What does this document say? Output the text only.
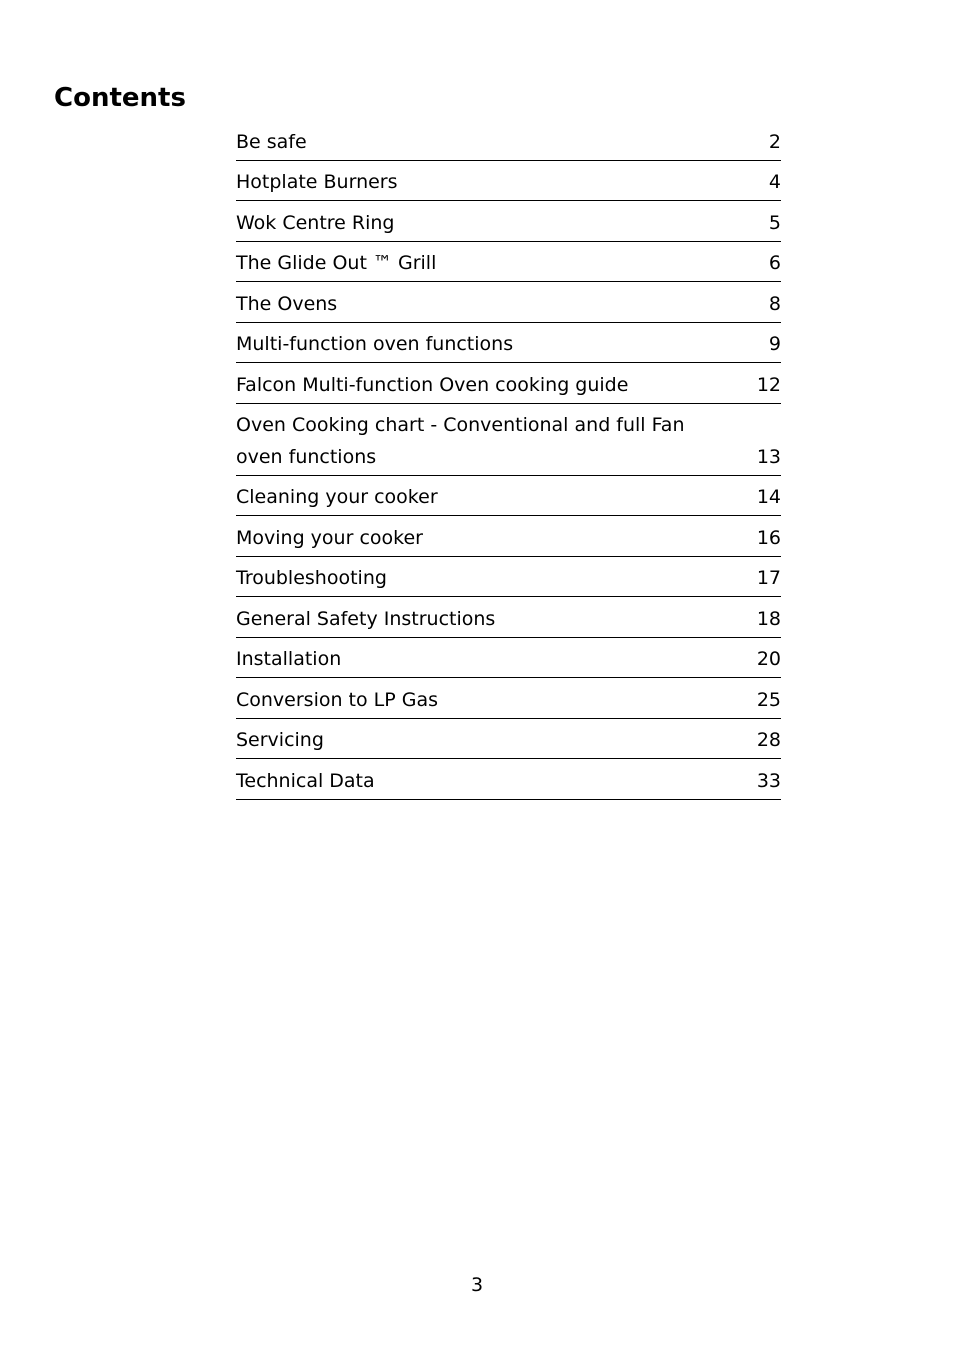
Contents
Be safe	2
Hotplate Burners	4
Wok Centre Ring	5
The Glide Out ™ Grill	6
The Ovens	8
Multi-function oven functions	9
Falcon Multi-function Oven cooking guide	12
Oven Cooking chart - Conventional and full Fan oven functions	13
Cleaning your cooker	14
Moving your cooker	16
Troubleshooting	17
General Safety Instructions	18
Installation	20
Conversion to LP Gas	25
Servicing	28
Technical Data	33
3
